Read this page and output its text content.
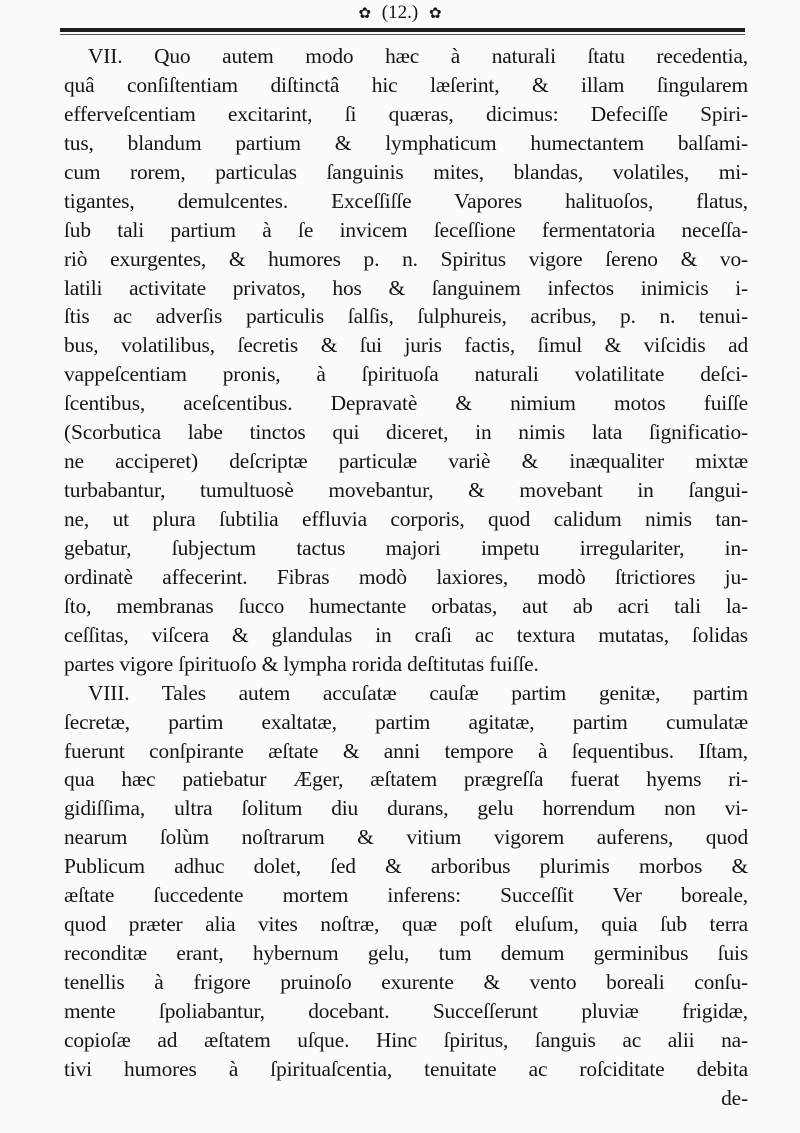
✿ (12.) ✿
VII. Quo autem modo hæc à naturali ſtatu recedentia,
quâ conſiſtentiam diſtinctâ hic læſerint, & illam ſingularem
efferveſcentiam excitarint, ſi quæras, dicimus: Defeciſſe Spiri-
tus, blandum partium & lymphaticum humectantem balſami-
cum rorem, particulas ſanguinis mites, blandas, volatiles, mi-
tigantes, demulcentes. Exceſſiſſe Vapores halituoſos, flatus,
ſub tali partium à ſe invicem ſeceſſione fermentatoria neceſſa-
riò exurgentes, & humores p. n. Spiritus vigore ſereno & vo-
latili activitate privatos, hos & ſanguinem infectos inimicis i-
ſtis ac adverſis particulis ſalſis, ſulphureis, acribus, p. n. tenui-
bus, volatilibus, ſecretis & ſui juris factis, ſimul & viſcidis ad
vappeſcentiam pronis, à ſpirituoſa naturali volatilitate deſci-
ſcentibus, aceſcentibus. Depravatè & nimium motos fuiſſe
(Scorbutica labe tinctos qui diceret, in nimis lata ſignificatio-
ne acciperet) deſcriptæ particulæ variè & inæqualiter mixtæ
turbabantur, tumultuosè movebantur, & movebant in ſangui-
ne, ut plura ſubtilia effluvia corporis, quod calidum nimis tan-
gebatur, ſubjectum tactus majori impetu irregulariter, in-
ordinatè affecerint. Fibras modò laxiores, modò ſtrictiores ju-
ſto, membranas ſucco humectante orbatas, aut ab acri tali la-
ceſſitas, viſcera & glandulas in craſi ac textura mutatas, ſolidas
partes vigore ſpirituoſo & lympha rorida deſtitutas fuiſſe.
VIII. Tales autem accuſatæ cauſæ partim genitæ, partim
ſecretæ, partim exaltatæ, partim agitatæ, partim cumulatæ
fuerunt conſpirante æſtate & anni tempore à ſequentibus. Iſtam,
qua hæc patiebatur Æger, æſtatem prægreſſa fuerat hyems ri-
gidiſſima, ultra ſolitum diu durans, gelu horrendum non vi-
nearum ſolùm noſtrarum & vitium vigorem auferens, quod
Publicum adhuc dolet, ſed & arboribus plurimis morbos &
æſtate ſuccedente mortem inferens: Succeſſit Ver boreale,
quod præter alia vites noſtræ, quæ poſt eluſum, quia ſub terra
reconditæ erant, hybernum gelu, tum demum germinibus ſuis
tenellis à frigore pruinoſo exurente & vento boreali conſu-
mente ſpoliabantur, docebant. Succeſſerunt pluviæ frigidæ,
copioſæ ad æſtatem uſque. Hinc ſpiritus, ſanguis ac alii na-
tivi humores à ſpirituaſcentia, tenuitate ac roſciditate debita
de-
